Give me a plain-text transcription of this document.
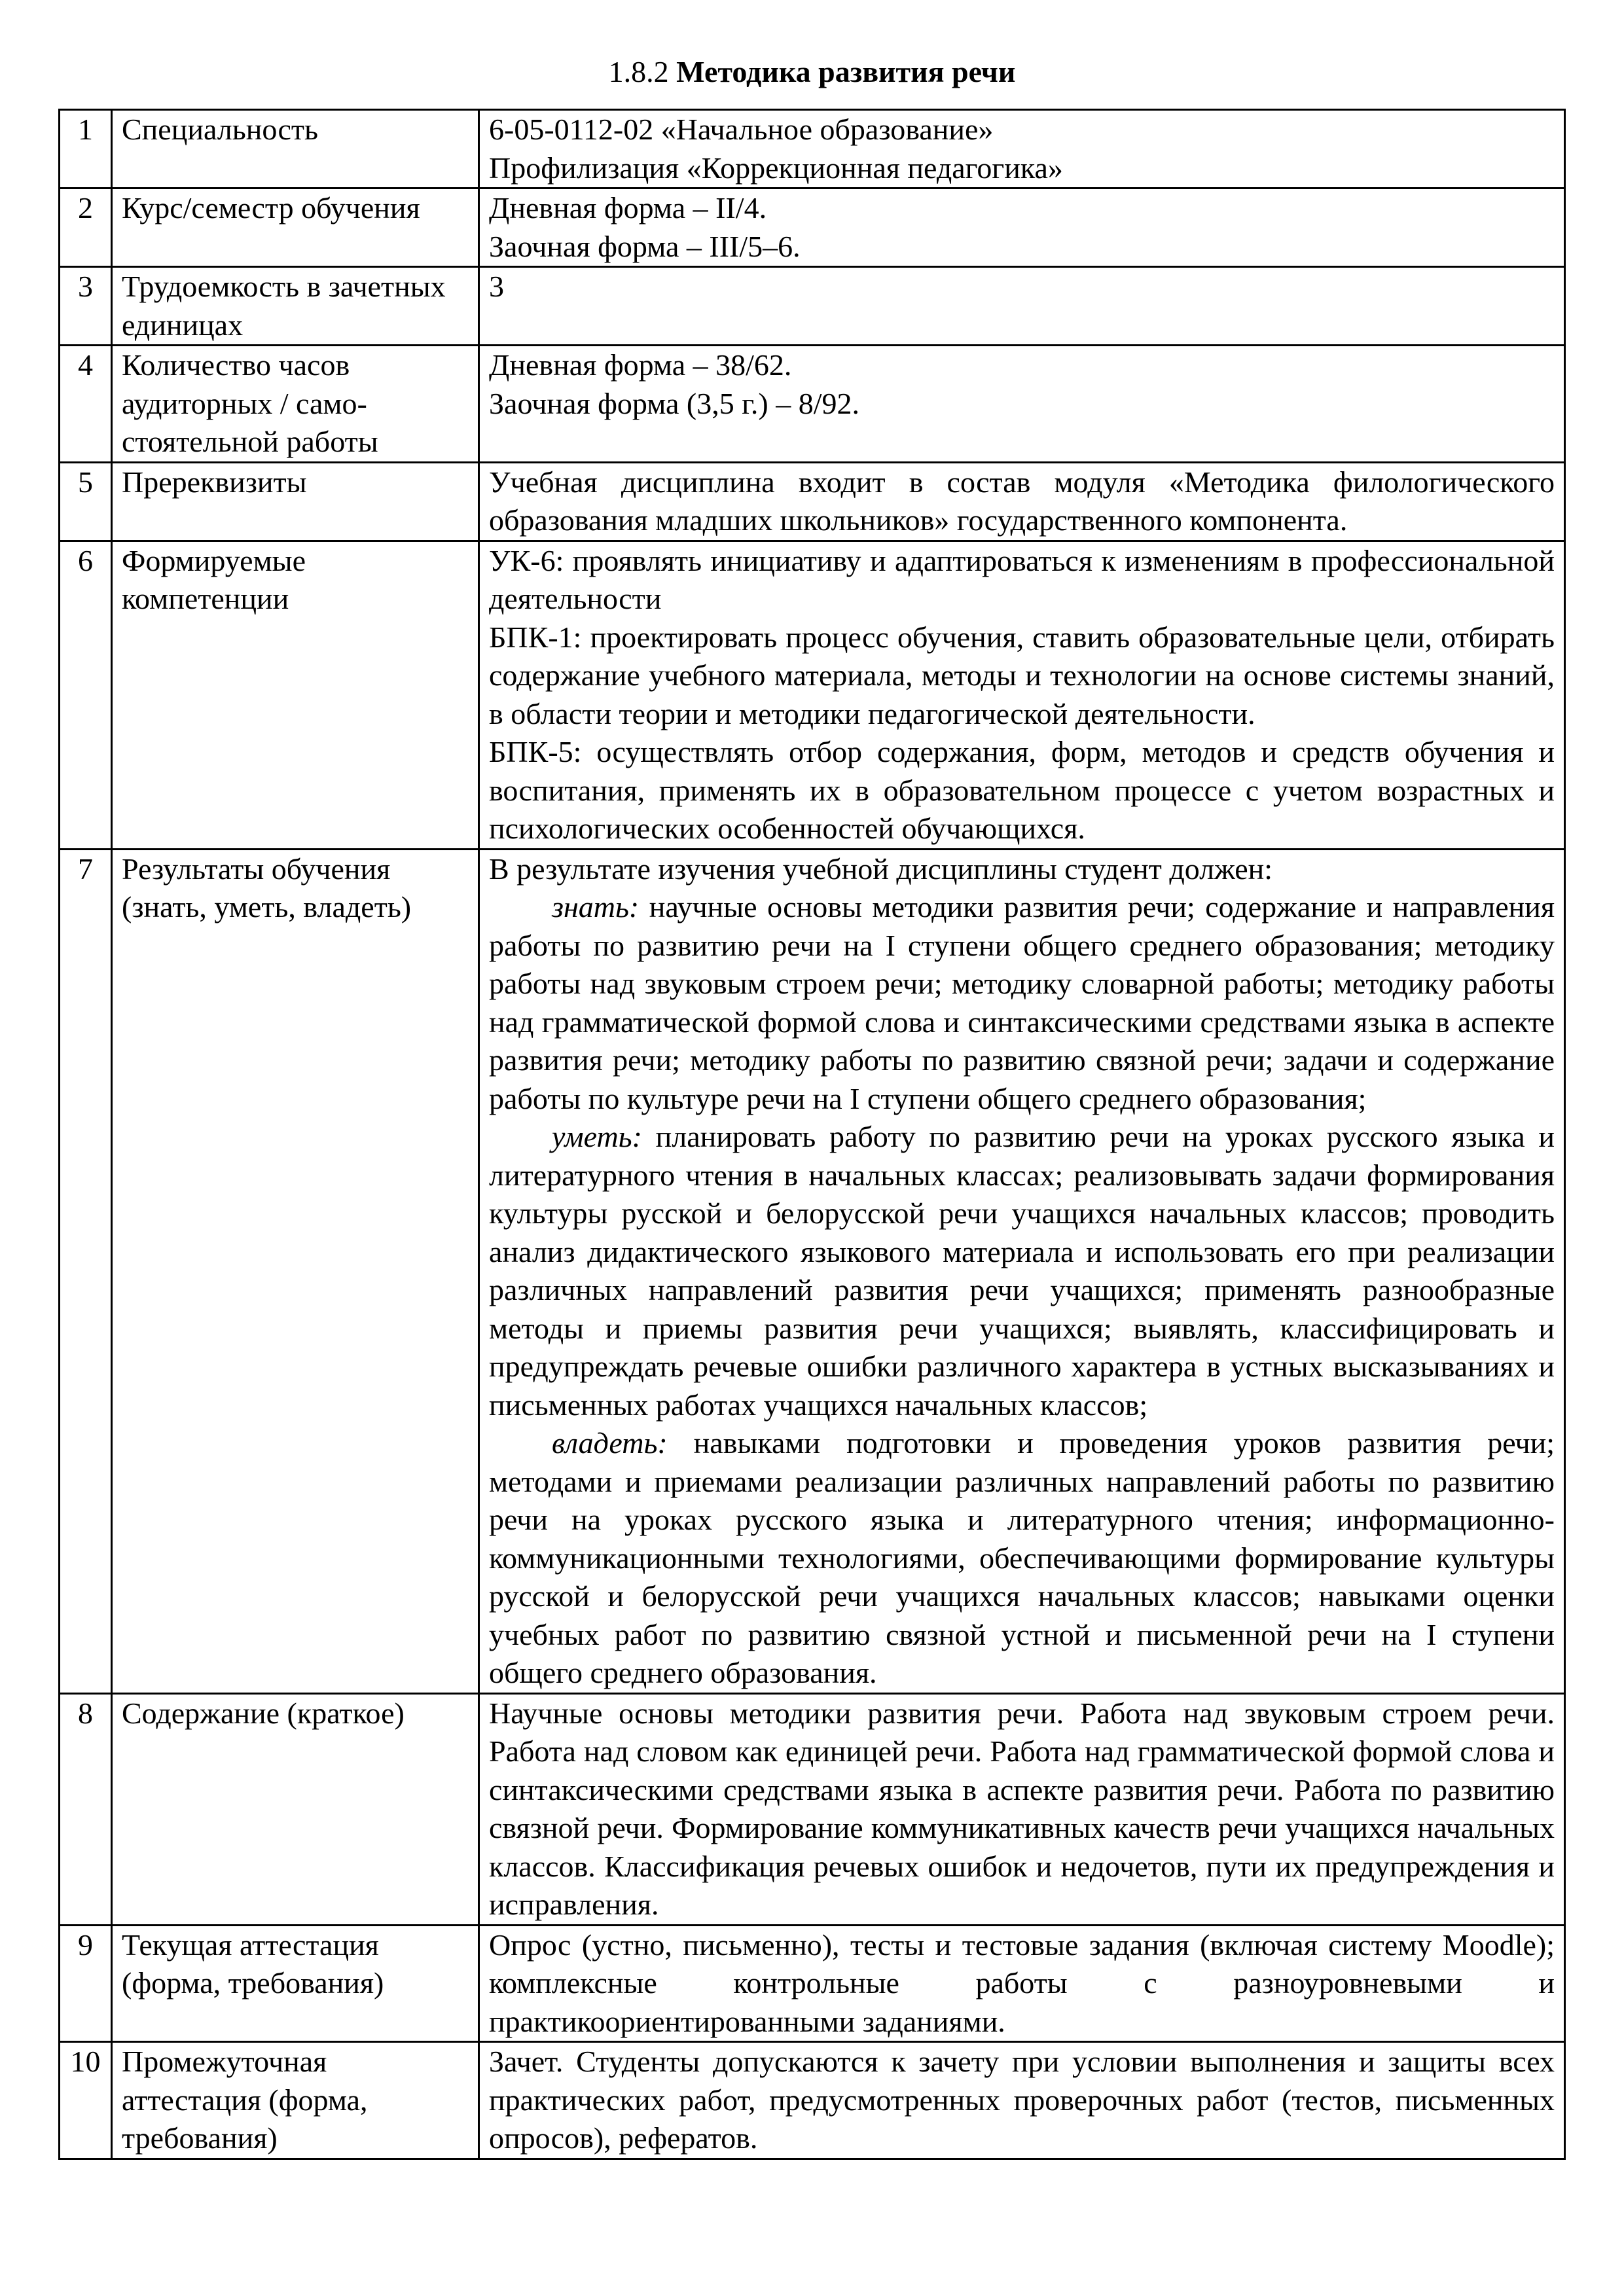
1.8.2 Методика развития речи
1	Специальность	6-05-0112-02 «Начальное образование»
Профилизация «Коррекционная педагогика»

2	Курс/семестр обучения	Дневная форма – II/4.
Заочная форма – III/5–6.

3	Трудоемкость в зачетных единицах	3

4	Количество часов аудиторных / само-стоятельной работы	Дневная форма – 38/62.
Заочная форма (3,5 г.) – 8/92.

5	Пререквизиты	Учебная дисциплина входит в состав модуля «Методика филологического образования младших школьников» государственного компонента.
6	Формируемые компетенции	УК-6: проявлять инициативу и адаптироваться к изменениям в профессиональной деятельности
БПК-1: проектировать процесс обучения, ставить образовательные цели, отбирать содержание учебного материала, методы и технологии на основе системы знаний, в области теории и методики педагогической деятельности.
БПК-5: осуществлять отбор содержания, форм, методов и средств обучения и воспитания, применять их в образовательном процессе с учетом возрастных и психологических особенностей обучающихся.

7	Результаты обучения (знать, уметь, владеть)	В результате изучения учебной дисциплины студент должен:
знать: научные основы методики развития речи; содержание и направления работы по развитию речи на I ступени общего среднего образования; методику работы над звуковым строем речи; методику словарной работы; методику работы над грамматической формой слова и синтаксическими средствами языка в аспекте развития речи; методику работы по развитию связной речи; задачи и содержание работы по культуре речи на I ступени общего среднего образования;
уметь: планировать работу по развитию речи на уроках русского языка и литературного чтения в начальных классах; реализовывать задачи формирования культуры русской и белорусской речи учащихся начальных классов; проводить анализ дидактического языкового материала и использовать его при реализации различных направлений развития речи учащихся; применять разнообразные методы и приемы развития речи учащихся; выявлять, классифицировать и предупреждать речевые ошибки различного характера в устных высказываниях и письменных работах учащихся начальных классов;
владеть: навыками подготовки и проведения уроков развития речи; методами и приемами реализации различных направлений работы по развитию речи на уроках русского языка и литературного чтения; информационно-коммуникационными технологиями, обеспечивающими формирование культуры русской и белорусской речи учащихся начальных классов; навыками оценки учебных работ по развитию связной устной и письменной речи на I ступени общего среднего образования.

8	Содержание (краткое)	Научные основы методики развития речи. Работа над звуковым строем речи. Работа над словом как единицей речи. Работа над грамматической формой слова и синтаксическими средствами языка в аспекте развития речи. Работа по развитию связной речи. Формирование коммуникативных качеств речи учащихся начальных классов. Классификация речевых ошибок и недочетов, пути их предупреждения и исправления.
9	Текущая аттестация (форма, требования)	Опрос (устно, письменно), тесты и тестовые задания (включая систему Moodle); комплексные контрольные работы с разноуровневыми и практикоориентированными заданиями.
10	Промежуточная аттестация (форма, требования)	Зачет. Студенты допускаются к зачету при условии выполнения и защиты всех практических работ, предусмотренных проверочных работ (тестов, письменных опросов), рефератов.
